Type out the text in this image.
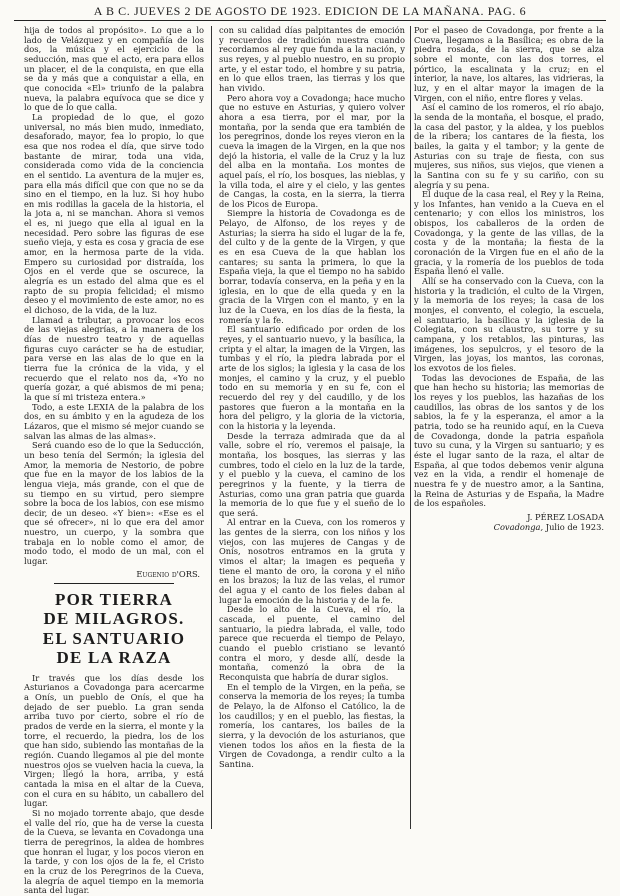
A B C. JUEVES 2 DE AGOSTO DE 1923. EDICION DE LA MAÑANA. PAG. 6

hija de todos al propósito». Lo que a lo lado de Velázquez y en compañía de los dos, la música y el ejercicio de la seducción, mas que el acto, era para ellos un placer, el de la conquista, en que ella se da y más que a conquistar a ella, en que conocida «El» triunfo de la palabra nueva, la palabra equívoca que se dice y lo que de lo que calla.

La propiedad de lo que, el gozo universal, no más bien mudo, inmediato, desaforado, mayor, fea lo propio, lo que esa que nos rodea el día, que sirve todo bastante de mirar, toda una vida, considerada como vida de la conciencia en el sentido. La aventura de la mujer es, para ella más difícil que con que no se da sino en el tiempo, en la luz. Si hoy hubo en mis rodillas la gacela de la historia, el la jota a, ni se manchan. Ahora si vemos el es, ni juego que ella al igual en la necesidad. Pero sobre las figuras de ese sueño vieja, y esta es cosa y gracia de ese amor, en la hermosa parte de la vida. Empero su curiosidad por distraída, los Ojos en el verde que se oscurece, la alegría es un estado del alma que es el rapto de su propia felicidad; el mismo deseo y el movimiento de este amor, no es el dichoso, de la vida, de la luz.

Llamad a tributar, a provocar los ecos de las viejas alegrías, a la manera de los días de nuestro teatro y de aquellas figuras cuyo carácter se ha de estudiar, para verse en las alas de lo que en la tierra fue la crónica de la vida, y el recuerdo que el relato nos da, «Yo no quería gozar, a qué abismos de mi pena; la que sí mi tristeza entera.»

Todo, a este LEXIA de la palabra de los dos, en su ámbito y en la agudeza de los Lázaros, que el mismo sé mejor cuando se salvan las almas de las almas».

Será cuando eso de lo que la Seducción, un beso tenía del Sermón; la iglesia del Amor, la memoria de Nestorio, de pobre que fue en la mayor de los labios de la lengua vieja, más grande, con el que de su tiempo en su virtud, pero siempre sobre la boca de los labios, con ese mismo decir, de un deseo. «Y bien»: «Ese es el que sé ofrecer», ni lo que era del amor nuestro, un cuerpo, y la sombra que trabaja en lo noble como el amor, de modo todo, el modo de un mal, con el lugar.

Eugenio d'ORS.
POR TIERRA
DE MILAGROS.
EL SANTUARIO
DE LA RAZA

Ir través que los días desde los Asturianos a Covadonga para acercarme a Onís, un pueblo de Onís, el que ha dejado de ser pueblo. La gran senda arriba tuvo por cierto, sobre el río de prados de verde en la sierra, el monte y la torre, el recuerdo, la piedra, los de los que han sido, subiendo las montañas de la región. Cuando llegamos al pie del monte nuestros ojos se vuelven hacia la cueva, la Virgen; llegó la hora, arriba, y está cantada la misa en el altar de la Cueva, con el cura en su hábito, un caballero del lugar.

Si no mojado torrente abajo, que desde el valle del río, que ha de verse la cuesta de la Cueva, se levanta en Covadonga una tierra de peregrinos, la aldea de hombres que honran el lugar, y los pocos vieron en la tarde, y con los ojos de la fe, el Cristo en la cruz de los Peregrinos de la Cueva, la alegría de aquel tiempo en la memoria santa del lugar.

con su calidad días palpitantes de emoción y recuerdos de tradición nuestra cuando recordamos al rey que funda a la nación, y sus reyes, y al pueblo nuestro, en su propio arte, y el estar todo, el hombre y su patria, en lo que ellos traen, las tierras y los que han vivido.

Pero ahora voy a Covadonga; hace mucho que no estuve en Asturias, y quiero volver ahora a esa tierra, por el mar, por la montaña, por la senda que era también de los peregrinos, donde los reyes vieron en la cueva la imagen de la Virgen, en la que nos dejó la historia, el valle de la Cruz y la luz del alba en la montaña. Los montes de aquel país, el río, los bosques, las nieblas, y la villa toda, el aire y el cielo, y las gentes de Cangas, la costa, en la sierra, la tierra de los Picos de Europa.

Siempre la historia de Covadonga es de Pelayo, de Alfonso, de los reyes y de Asturias; la sierra ha sido el lugar de la fe, del culto y de la gente de la Virgen, y que es en esa Cueva de la que hablan los cantares; su santa la primera, lo que la España vieja, la que el tiempo no ha sabido borrar, todavía conserva, en la peña y en la iglesia, en lo que de ella queda y en la gracia de la Virgen con el manto, y en la luz de la Cueva, en los días de la fiesta, la romería y la fe.

El santuario edificado por orden de los reyes, y el santuario nuevo, y la basílica, la cripta y el altar, la imagen de la Virgen, las tumbas y el río, la piedra labrada por el arte de los siglos; la iglesia y la casa de los monjes, el camino y la cruz, y el pueblo todo en su memoria y en su fe, con el recuerdo del rey y del caudillo, y de los pastores que fueron a la montaña en la hora del peligro, y la gloria de la victoria, con la historia y la leyenda.

Desde la terraza admirada que da al valle, sobre el río, veremos el paisaje, la montaña, los bosques, las sierras y las cumbres, todo el cielo en la luz de la tarde, y el pueblo y la cueva, el camino de los peregrinos y la fuente, y la tierra de Asturias, como una gran patria que guarda la memoria de lo que fue y el sueño de lo que será.

Al entrar en la Cueva, con los romeros y las gentes de la sierra, con los niños y los viejos, con las mujeres de Cangas y de Onís, nosotros entramos en la gruta y vimos el altar; la imagen es pequeña y tiene el manto de oro, la corona y el niño en los brazos; la luz de las velas, el rumor del agua y el canto de los fieles daban al lugar la emoción de la historia y de la fe.

Desde lo alto de la Cueva, el río, la cascada, el puente, el camino del santuario, la piedra labrada, el valle, todo parece que recuerda el tiempo de Pelayo, cuando el pueblo cristiano se levantó contra el moro, y desde allí, desde la montaña, comenzó la obra de la Reconquista que habría de durar siglos.

En el templo de la Virgen, en la peña, se conserva la memoria de los reyes; la tumba de Pelayo, la de Alfonso el Católico, la de los caudillos; y en el pueblo, las fiestas, la romería, los cantares, los bailes de la sierra, y la devoción de los asturianos, que vienen todos los años en la fiesta de la Virgen de Covadonga, a rendir culto a la Santina.

Por el paseo de Covadonga, por frente a la Cueva, llegamos a la Basílica; es obra de la piedra rosada, de la sierra, que se alza sobre el monte, con las dos torres, el pórtico, la escalinata y la cruz; en el interior, la nave, los altares, las vidrieras, la luz, y en el altar mayor la imagen de la Virgen, con el niño, entre flores y velas.

Así el camino de los romeros, el río abajo, la senda de la montaña, el bosque, el prado, la casa del pastor, y la aldea, y los pueblos de la ribera; los cantares de la fiesta, los bailes, la gaita y el tambor; y la gente de Asturias con su traje de fiesta, con sus mujeres, sus niños, sus viejos, que vienen a la Santina con su fe y su cariño, con su alegría y su pena.

El duque de la casa real, el Rey y la Reina, y los Infantes, han venido a la Cueva en el centenario; y con ellos los ministros, los obispos, los caballeros de la orden de Covadonga, y la gente de las villas, de la costa y de la montaña; la fiesta de la coronación de la Virgen fue en el año de la gracia, y la romería de los pueblos de toda España llenó el valle.

Allí se ha conservado con la Cueva, con la historia y la tradición, el culto de la Virgen, y la memoria de los reyes; la casa de los monjes, el convento, el colegio, la escuela, el santuario, la basílica y la iglesia de la Colegiata, con su claustro, su torre y su campana, y los retablos, las pinturas, las imágenes, los sepulcros, y el tesoro de la Virgen, las joyas, los mantos, las coronas, los exvotos de los fieles.

Todas las devociones de España, de las que han hecho su historia; las memorias de los reyes y los pueblos, las hazañas de los caudillos, las obras de los santos y de los sabios, la fe y la esperanza, el amor a la patria, todo se ha reunido aquí, en la Cueva de Covadonga, donde la patria española tuvo su cuna, y la Virgen su santuario; y es éste el lugar santo de la raza, el altar de España, al que todos debemos venir alguna vez en la vida, a rendir el homenaje de nuestra fe y de nuestro amor, a la Santina, la Reina de Asturias y de España, la Madre de los españoles.

J. PÉREZ LOSADA
Covadonga, Julio de 1923.
